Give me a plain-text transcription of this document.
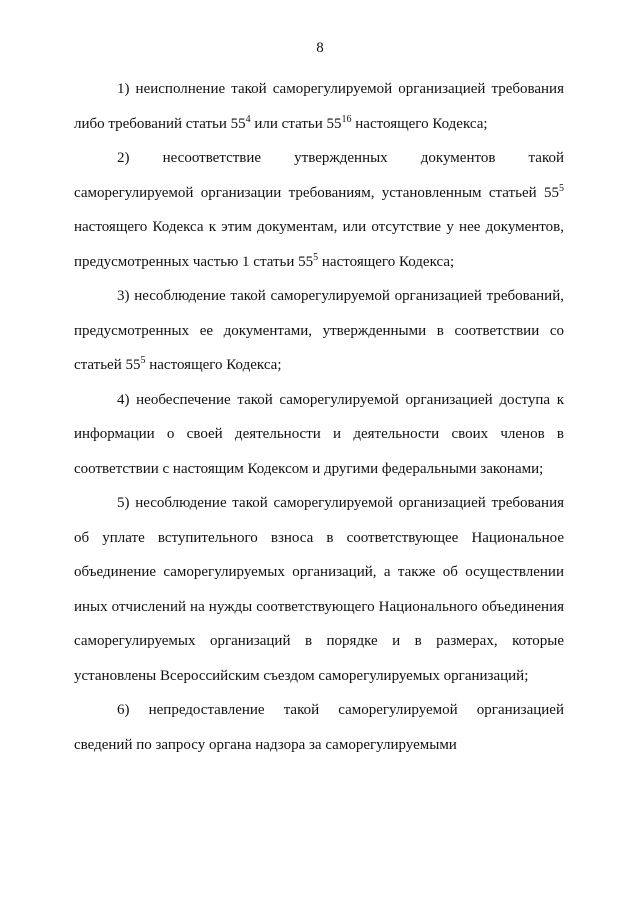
8

1) неисполнение такой саморегулируемой организацией требования либо требований статьи $55^4$ или статьи $55^{16}$ настоящего Кодекса;

2) несоответствие утвержденных документов такой саморегулируемой организации требованиям, установленным статьей $55^5$ настоящего Кодекса к этим документам, или отсутствие у нее документов, предусмотренных частью 1 статьи $55^5$ настоящего Кодекса;

3) несоблюдение такой саморегулируемой организацией требований, предусмотренных ее документами, утвержденными в соответствии со статьей $55^5$ настоящего Кодекса;

4) необеспечение такой саморегулируемой организацией доступа к информации о своей деятельности и деятельности своих членов в соответствии с настоящим Кодексом и другими федеральными законами;

5) несоблюдение такой саморегулируемой организацией требования об уплате вступительного взноса в соответствующее Национальное объединение саморегулируемых организаций, а также об осуществлении иных отчислений на нужды соответствующего Национального объединения саморегулируемых организаций в порядке и в размерах, которые установлены Всероссийским съездом саморегулируемых организаций;

6) непредоставление такой саморегулируемой организацией сведений по запросу органа надзора за саморегулируемыми
